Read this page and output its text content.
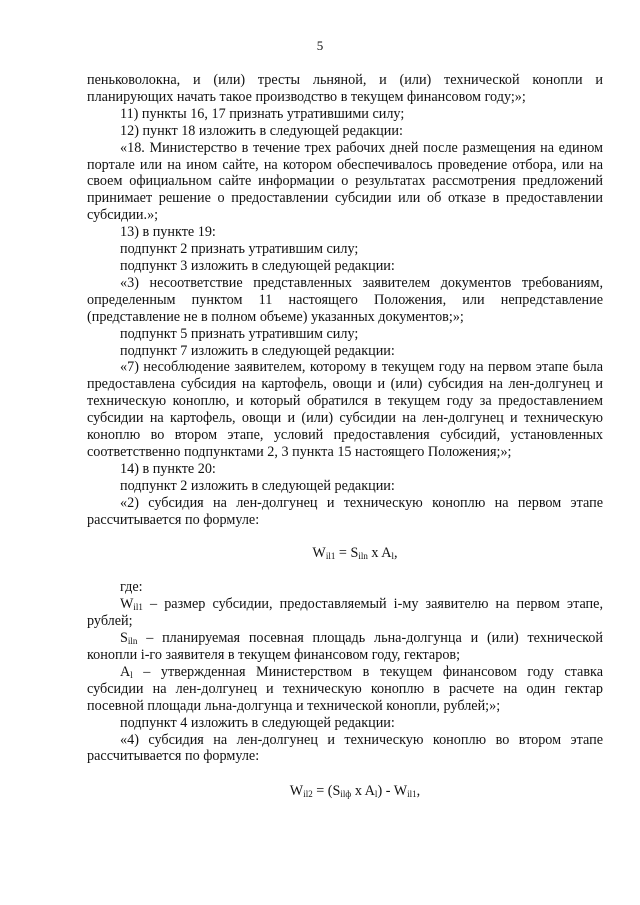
5

пеньковолокна, и (или) тресты льняной, и (или) технической конопли и планирующих начать такое производство в текущем финансовом году;»;

11) пункты 16, 17 признать утратившими силу;

12) пункт 18 изложить в следующей редакции:

«18. Министерство в течение трех рабочих дней после размещения на едином портале или на ином сайте, на котором обеспечивалось проведение отбора, или на своем официальном сайте информации о результатах рассмотрения предложений принимает решение о предоставлении субсидии или об отказе в предоставлении субсидии.»;

13) в пункте 19:

подпункт 2 признать утратившим силу;

подпункт 3 изложить в следующей редакции:

«3) несоответствие представленных заявителем документов требованиям, определенным пунктом 11 настоящего Положения, или непредставление (представление не в полном объеме) указанных документов;»;

подпункт 5 признать утратившим силу;

подпункт 7 изложить в следующей редакции:

«7) несоблюдение заявителем, которому в текущем году на первом этапе была предоставлена субсидия на картофель, овощи и (или) субсидия на лен-долгунец и техническую коноплю, и который обратился в текущем году за предоставлением субсидии на картофель, овощи и (или) субсидии на лен-долгунец и техническую коноплю во втором этапе, условий предоставления субсидий, установленных соответственно подпунктами 2, 3 пункта 15 настоящего Положения;»;

14) в пункте 20:

подпункт 2 изложить в следующей редакции:

«2) субсидия на лен-долгунец и техническую коноплю на первом этапе рассчитывается по формуле:

$W_{il1} = S_{iln}$ x $A_l$,

где:

$W_{il1}$ – размер субсидии, предоставляемый i-му заявителю на первом этапе, рублей;

$S_{iln}$ – планируемая посевная площадь льна-долгунца и (или) технической конопли i-го заявителя в текущем финансовом году, гектаров;

$A_l$ – утвержденная Министерством в текущем финансовом году ставка субсидии на лен-долгунец и техническую коноплю в расчете на один гектар посевной площади льна-долгунца и технической конопли, рублей;»;

подпункт 4 изложить в следующей редакции:

«4) субсидия на лен-долгунец и техническую коноплю во втором этапе рассчитывается по формуле:

$W_{il2} = (S_{ilф}$ x $A_l) - W_{il1}$,
